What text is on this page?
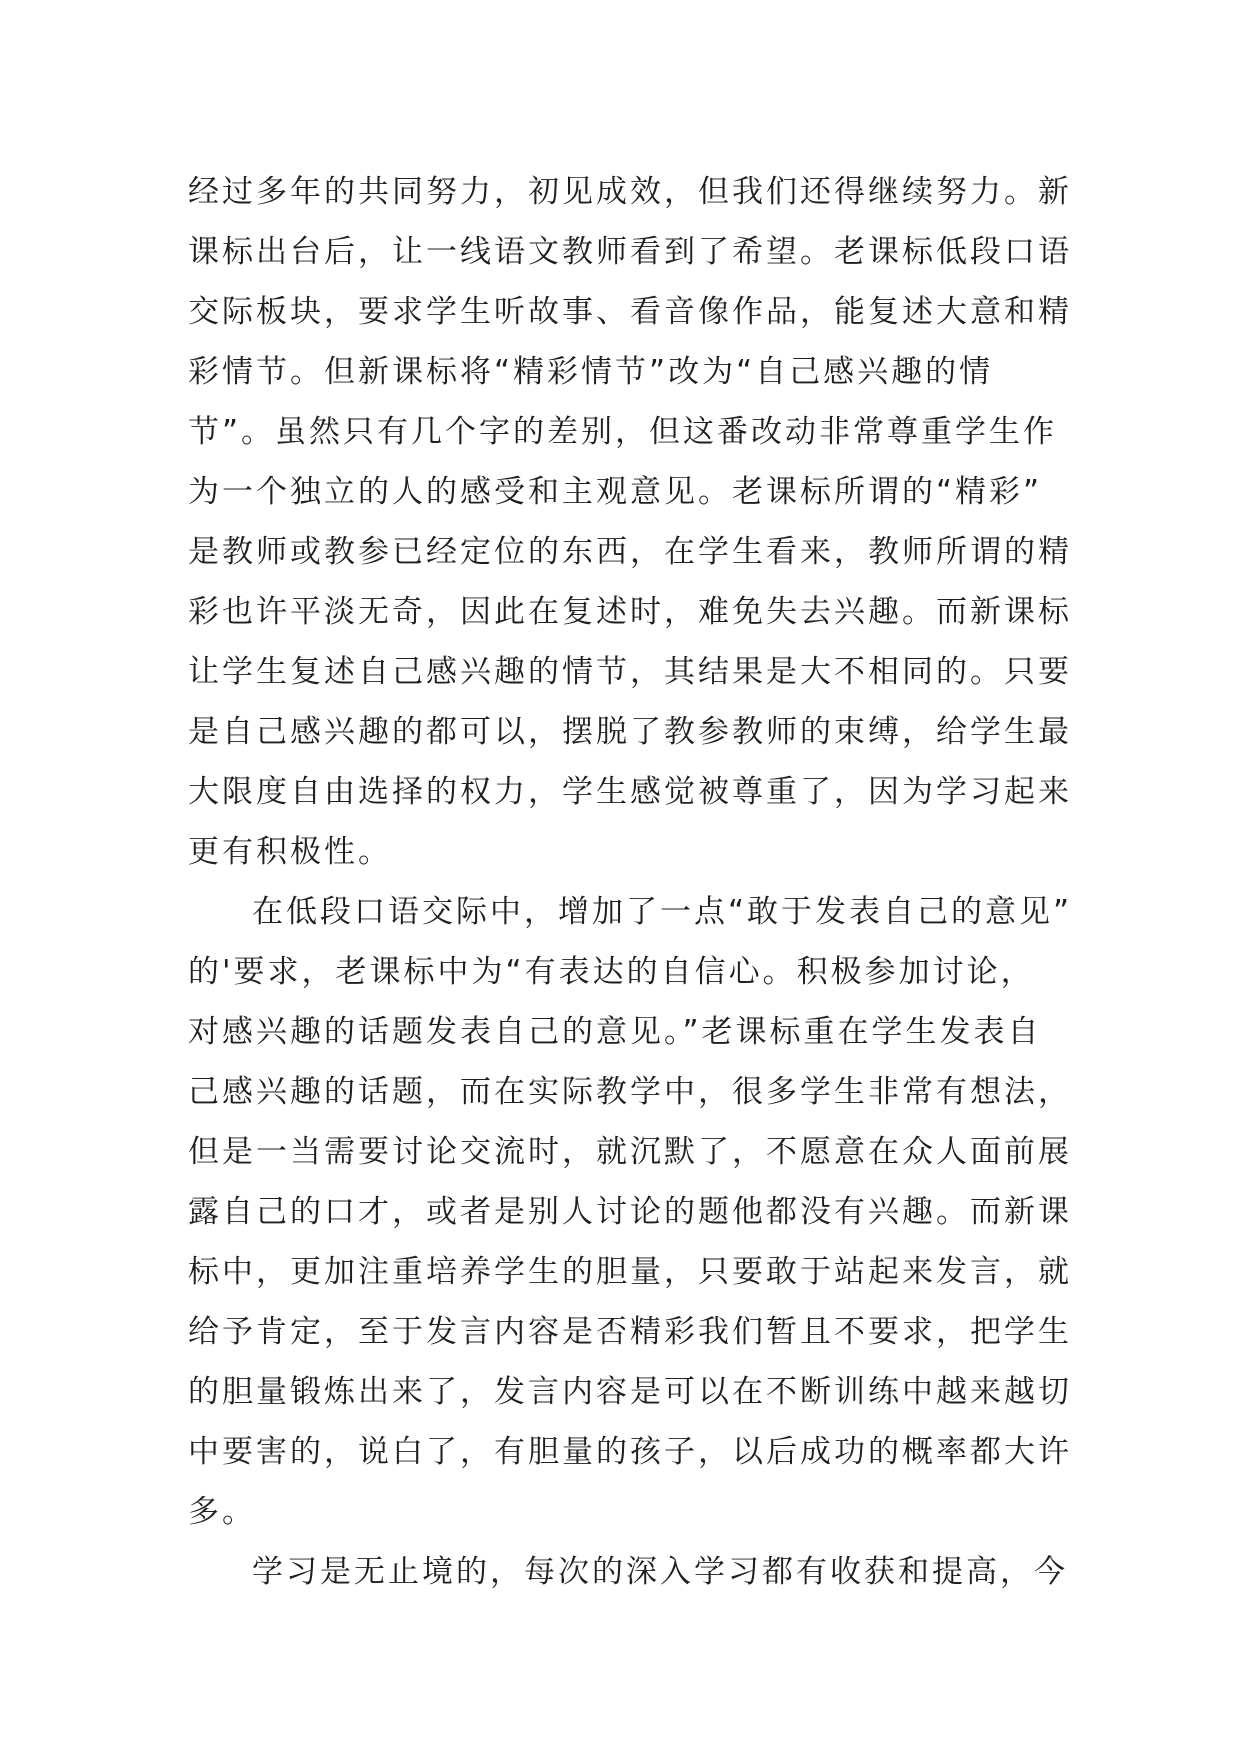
经过多年的共同努力，初见成效，但我们还得继续努力。新
课标出台后，让一线语文教师看到了希望。老课标低段口语
交际板块，要求学生听故事、看音像作品，能复述大意和精
彩情节。但新课标将“精彩情节”改为“自己感兴趣的情
节”。虽然只有几个字的差别，但这番改动非常尊重学生作
为一个独立的人的感受和主观意见。老课标所谓的“精彩”
是教师或教参已经定位的东西，在学生看来，教师所谓的精
彩也许平淡无奇，因此在复述时，难免失去兴趣。而新课标
让学生复述自己感兴趣的情节，其结果是大不相同的。只要
是自己感兴趣的都可以，摆脱了教参教师的束缚，给学生最
大限度自由选择的权力，学生感觉被尊重了，因为学习起来
更有积极性。
在低段口语交际中，增加了一点“敢于发表自己的意见”
的'要求，老课标中为“有表达的自信心。积极参加讨论，
对感兴趣的话题发表自己的意见。”老课标重在学生发表自
己感兴趣的话题，而在实际教学中，很多学生非常有想法，
但是一当需要讨论交流时，就沉默了，不愿意在众人面前展
露自己的口才，或者是别人讨论的题他都没有兴趣。而新课
标中，更加注重培养学生的胆量，只要敢于站起来发言，就
给予肯定，至于发言内容是否精彩我们暂且不要求，把学生
的胆量锻炼出来了，发言内容是可以在不断训练中越来越切
中要害的，说白了，有胆量的孩子，以后成功的概率都大许
多。
学习是无止境的，每次的深入学习都有收获和提高，今
